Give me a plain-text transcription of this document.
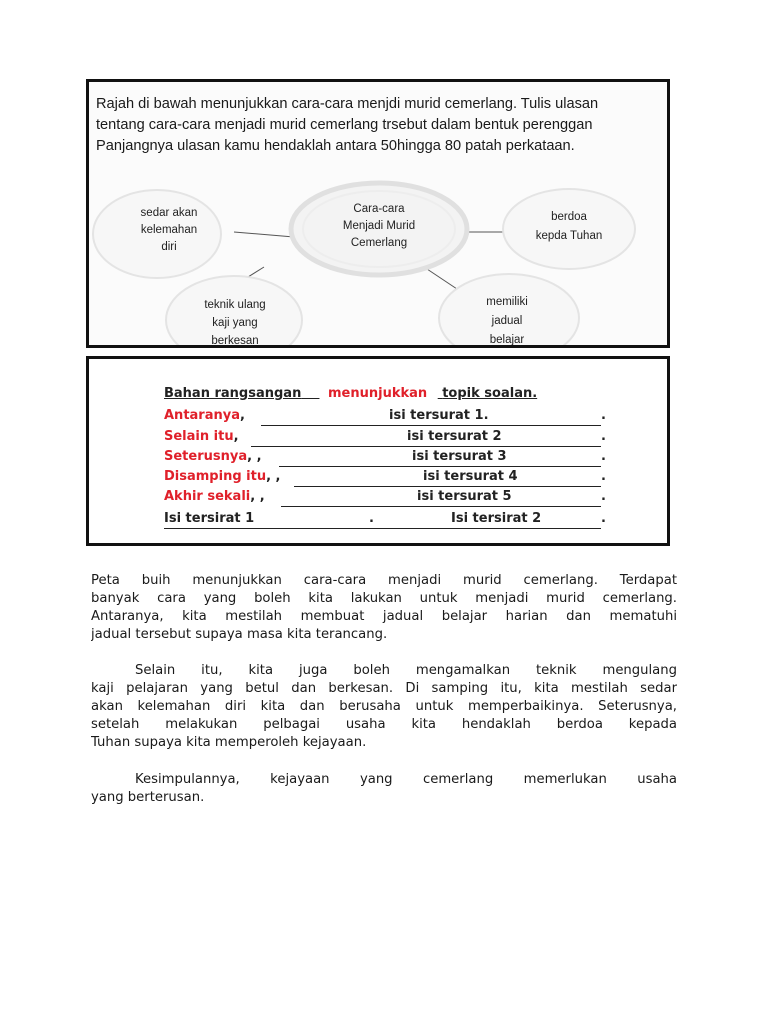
Rajah di bawah menunjukkan cara-cara menjdi murid cemerlang. Tulis ulasan
tentang cara-cara menjadi murid cemerlang trsebut dalam bentuk perenggan
Panjangnya ulasan kamu hendaklah antara 50hingga 80 patah perkataan.
Cara-cara
Menjadi Murid
Cemerlang
sedar akan
kelemahan
diri
berdoa
kepda Tuhan
teknik ulang
kaji yang
berkesan
memiliki
jadual
belajar
Bahan rangsangan menunjukkan topik soalan.
Antaranya,	isi tersurat 1.	.
Selain itu,	isi tersurat 2	.
Seterusnya, ,	isi tersurat 3	.
Disamping itu, ,	isi tersurat 4	.
Akhir sekali, ,	isi tersurat 5	.
Isi tersirat 1	.	Isi tersirat 2	.
Peta buih menunjukkan cara-cara menjadi murid cemerlang. Terdapat
banyak cara yang boleh kita lakukan untuk menjadi murid cemerlang.
Antaranya, kita mestilah membuat jadual belajar harian dan mematuhi
jadual tersebut supaya masa kita terancang.
Selain itu, kita juga boleh mengamalkan teknik mengulang
kaji pelajaran yang betul dan berkesan. Di samping itu, kita mestilah sedar
akan kelemahan diri kita dan berusaha untuk memperbaikinya. Seterusnya,
setelah melakukan pelbagai usaha kita hendaklah berdoa kepada
Tuhan supaya kita memperoleh kejayaan.
Kesimpulannya, kejayaan yang cemerlang memerlukan usaha
yang berterusan.
